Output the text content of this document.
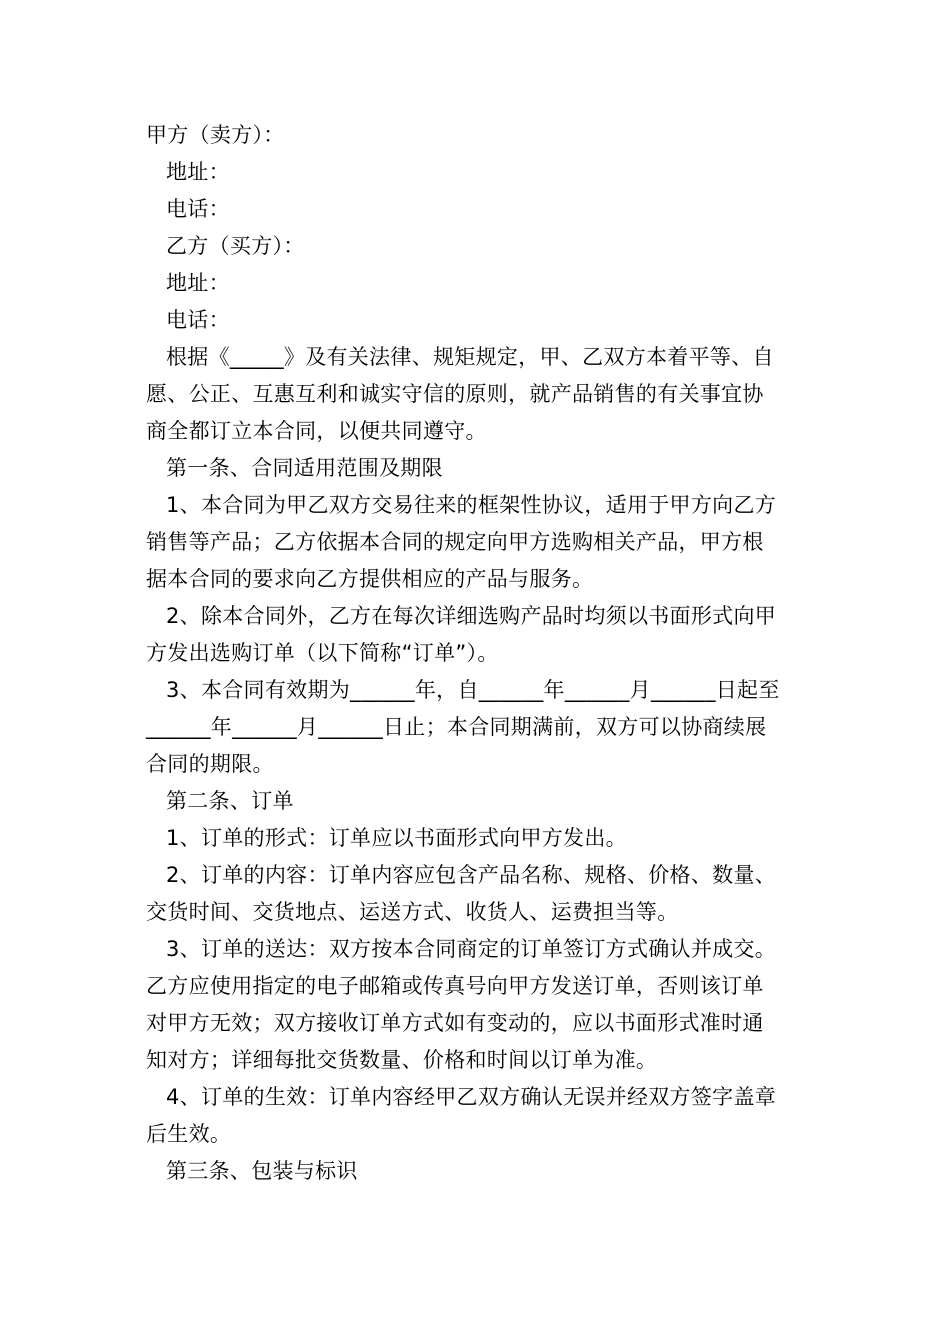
甲方（卖方）：
地址：
电话：
乙方（买方）：
地址：
电话：
根据《_____》及有关法律、规矩规定，甲、乙双方本着平等、自
愿、公正、互惠互利和诚实守信的原则，就产品销售的有关事宜协
商全都订立本合同，以便共同遵守。
第一条、合同适用范围及期限
1、本合同为甲乙双方交易往来的框架性协议，适用于甲方向乙方
销售等产品；乙方依据本合同的规定向甲方选购相关产品，甲方根
据本合同的要求向乙方提供相应的产品与服务。
2、除本合同外，乙方在每次详细选购产品时均须以书面形式向甲
方发出选购订单（以下简称“订单”）。
3、本合同有效期为______年，自______年______月______日起至
______年______月______日止；本合同期满前，双方可以协商续展
合同的期限。
第二条、订单
1、订单的形式：订单应以书面形式向甲方发出。
2、订单的内容：订单内容应包含产品名称、规格、价格、数量、
交货时间、交货地点、运送方式、收货人、运费担当等。
3、订单的送达：双方按本合同商定的订单签订方式确认并成交。
乙方应使用指定的电子邮箱或传真号向甲方发送订单，否则该订单
对甲方无效；双方接收订单方式如有变动的，应以书面形式准时通
知对方；详细每批交货数量、价格和时间以订单为准。
4、订单的生效：订单内容经甲乙双方确认无误并经双方签字盖章
后生效。
第三条、包装与标识
